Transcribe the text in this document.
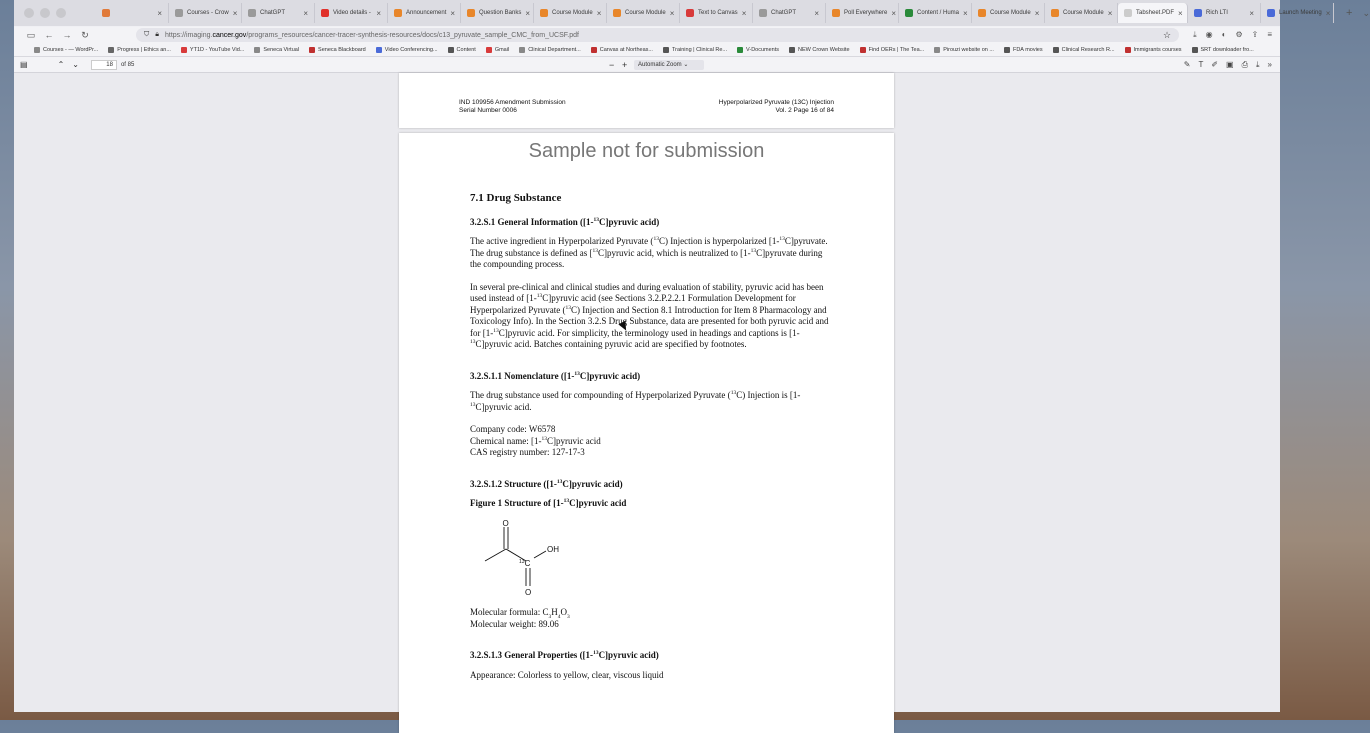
×	Courses - Crow ×	ChatGPT	×	Video details - ×	Announcement ×	Question Banks ×	Course Module ×	Course Module ×	Text to Canvas ×	ChatGPT	×	Poll Everywhere ×	Content / Huma ×	Course Module ×	Course Module ×	Tabsheet.PDF ×	Rich LTI	×	Launch Meeting × + ⌄
▭	←	→	↻	⛉ 🔒︎ https://imaging.cancer.gov/programs_resources/cancer-tracer-synthesis-resources/docs/c13_pyruvate_sample_CMC_from_UCSF.pdf	☆	⤓ ◉ ◐ ⚙ ⇪ ≡
Courses - — WordPr...	Progress | Ethics an...	YT1D - YouTube Vid...	Seneca Virtual	Seneca Blackboard	Video Conferencing...	Content	Gmail	Clinical Department...	Canvas at Northeas...	Training | Clinical Re...	V-Documents	NEW Crown Website	Find OERs | The Tea...	Pirouzi website on ...	FDA movies	Clinical Research R...	Immigrants courses	SRT downloader fro...
▤	⌃ ⌄	18	of 85	− +	Automatic Zoom ⌄	✎ T ✐ ▣ ⎙ ⤓ »
IND 109956 Amendment Submission
Serial Number 0006
Hyperpolarized Pyruvate (13C) Injection
Vol. 2 Page 16 of 84
Sample not for submission
7.1 Drug Substance
3.2.S.1 General Information ([1-$^{13}$C]pyruvic acid)

The active ingredient in Hyperpolarized Pyruvate ($^{13}$C) Injection is hyperpolarized [1-$^{13}$C]pyruvate. The drug substance is defined as [$^{13}$C]pyruvic acid, which is neutralized to [1-$^{13}$C]pyruvate during the compounding process.

In several pre-clinical and clinical studies and during evaluation of stability, pyruvic acid has been used instead of [1-$^{13}$C]pyruvic acid (see Sections 3.2.P.2.2.1 Formulation Development for Hyperpolarized Pyruvate ($^{13}$C) Injection and Section 8.1 Introduction for Item 8 Pharmacology and Toxicology Info). In the Section 3.2.S Drug Substance, data are presented for both pyruvic acid and for [1-$^{13}$C]pyruvic acid. For simplicity, the terminology used in headings and captions is [1-$^{13}$C]pyruvic acid. Batches containing pyruvic acid are specified by footnotes.

3.2.S.1.1 Nomenclature ([1-$^{13}$C]pyruvic acid)

The drug substance used for compounding of Hyperpolarized Pyruvate ($^{13}$C) Injection is [1-$^{13}$C]pyruvic acid.

Company code: W6578
Chemical name: [1-$^{13}$C]pyruvic acid
CAS registry number: 127-17-3

3.2.S.1.2 Structure ([1-$^{13}$C]pyruvic acid)
Figure 1 Structure of [1-$^{13}$C]pyruvic acid
O
OH
$^{13}$C
O

Molecular formula: $C_3H_4O_3$
Molecular weight: 89.06

3.2.S.1.3 General Properties ([1-$^{13}$C]pyruvic acid)

Appearance: Colorless to yellow, clear, viscous liquid
